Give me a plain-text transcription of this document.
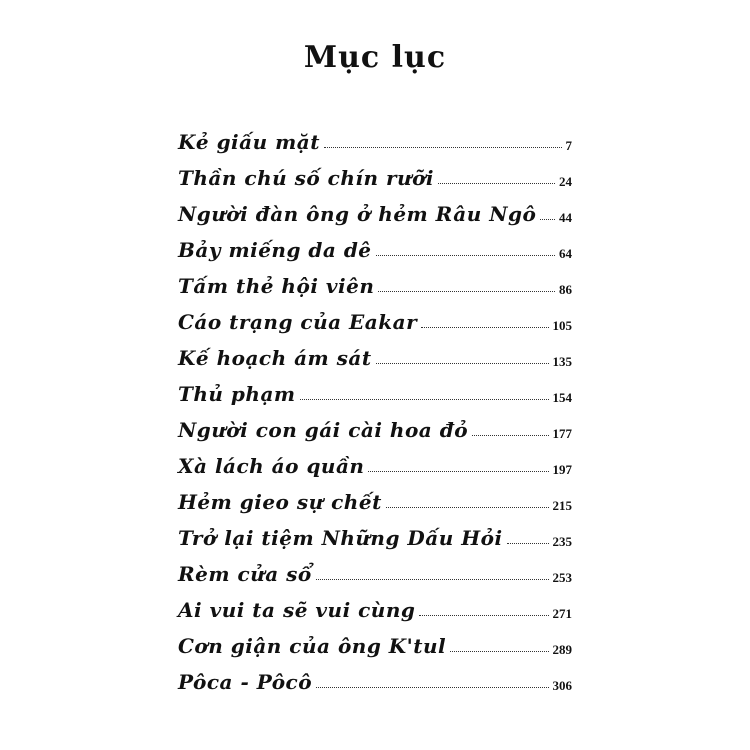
Mục lục
Kẻ giấu mặt	7
Thần chú số chín rưỡi	24
Người đàn ông ở hẻm Râu Ngô 44
Bảy miếng da dê	64
Tấm thẻ hội viên	86
Cáo trạng của Eakar	105
Kế hoạch ám sát	135
Thủ phạm	154
Người con gái cài hoa đỏ	177
Xà lách áo quần	197
Hẻm gieo sự chết	215
Trở lại tiệm Những Dấu Hỏi	235
Rèm cửa sổ	253
Ai vui ta sẽ vui cùng	271
Cơn giận của ông K'tul	289
Pôca - Pôcô	306
